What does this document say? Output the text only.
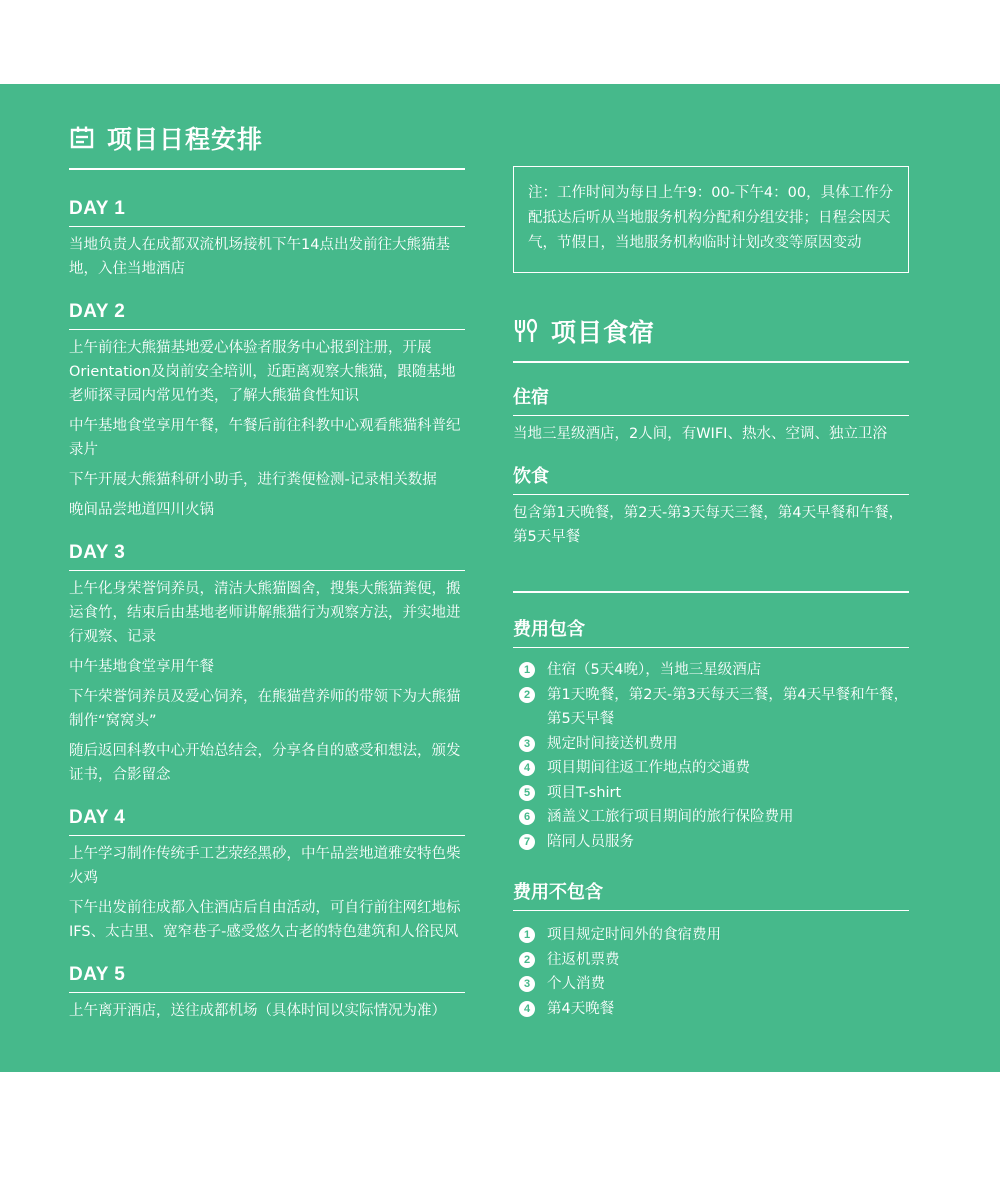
项目日程安排
DAY 1
当地负责人在成都双流机场接机下午14点出发前往大熊猫基地，入住当地酒店
DAY 2
上午前往大熊猫基地爱心体验者服务中心报到注册，开展Orientation及岗前安全培训，近距离观察大熊猫，跟随基地老师探寻园内常见竹类，了解大熊猫食性知识
中午基地食堂享用午餐，午餐后前往科教中心观看熊猫科普纪录片
下午开展大熊猫科研小助手，进行粪便检测-记录相关数据
晚间品尝地道四川火锅
DAY 3
上午化身荣誉饲养员，清洁大熊猫圈舍，搜集大熊猫粪便，搬运食竹，结束后由基地老师讲解熊猫行为观察方法，并实地进行观察、记录
中午基地食堂享用午餐
下午荣誉饲养员及爱心饲养，在熊猫营养师的带领下为大熊猫制作“窝窝头”
随后返回科教中心开始总结会，分享各自的感受和想法，颁发证书，合影留念
DAY 4
上午学习制作传统手工艺荥经黑砂，中午品尝地道雅安特色柴火鸡
下午出发前往成都入住酒店后自由活动，可自行前往网红地标IFS、太古里、宽窄巷子-感受悠久古老的特色建筑和人俗民风
DAY 5
上午离开酒店，送往成都机场（具体时间以实际情况为准）
注：工作时间为每日上午9：00-下午4：00，具体工作分配抵达后听从当地服务机构分配和分组安排；日程会因天气，节假日，当地服务机构临时计划改变等原因变动
项目食宿
住宿
当地三星级酒店，2人间，有WIFI、热水、空调、独立卫浴
饮食
包含第1天晚餐，第2天-第3天每天三餐，第4天早餐和午餐，第5天早餐
费用包含
1	住宿（5天4晚），当地三星级酒店
2	第1天晚餐，第2天-第3天每天三餐，第4天早餐和午餐，第5天早餐
3	规定时间接送机费用
4	项目期间往返工作地点的交通费
5	项目T-shirt
6	涵盖义工旅行项目期间的旅行保险费用
7	陪同人员服务
费用不包含
1	项目规定时间外的食宿费用
2	往返机票费
3	个人消费
4	第4天晚餐
